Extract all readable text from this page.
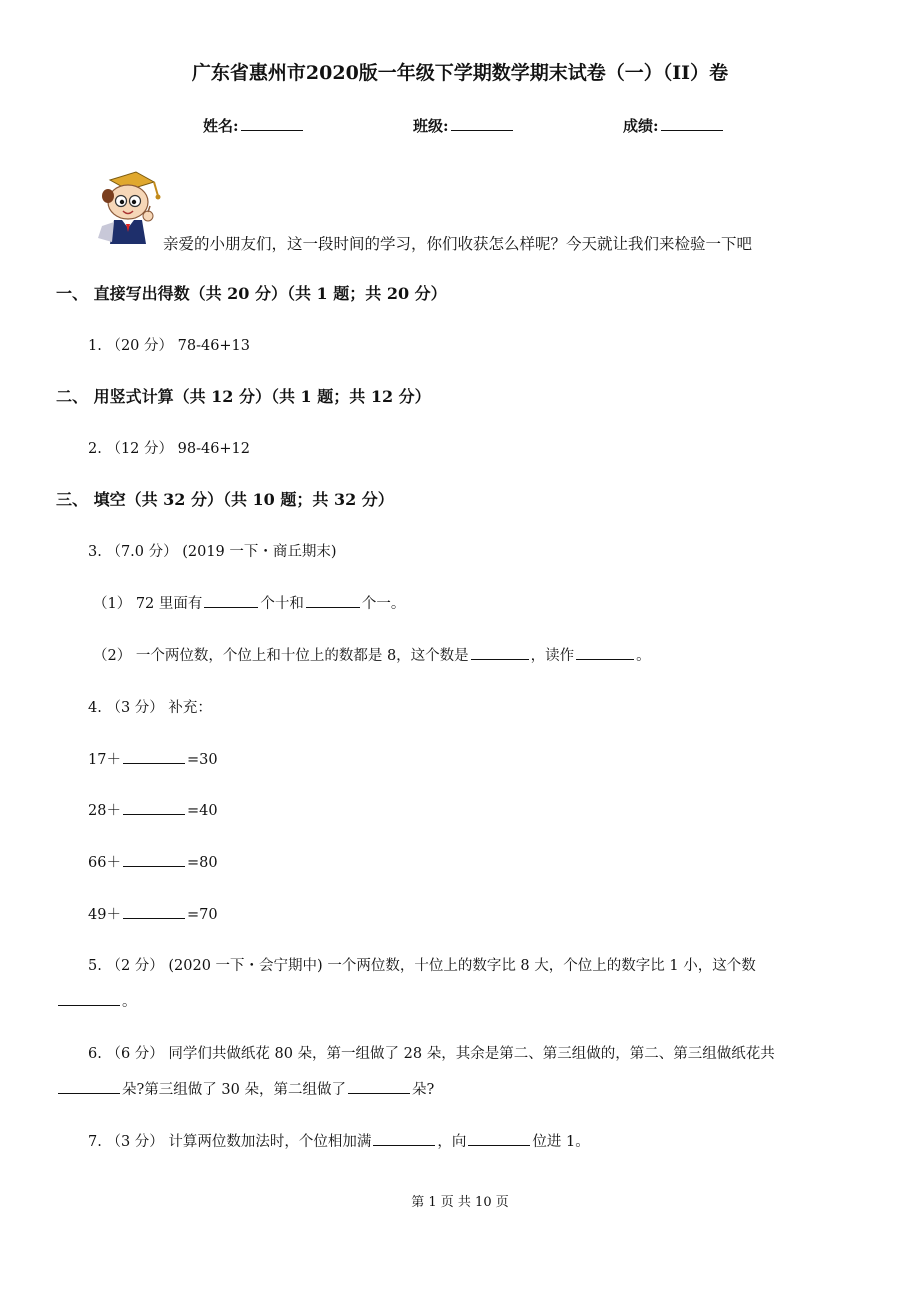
广东省惠州市2020版一年级下学期数学期末试卷（一）（II）卷
姓名:	班级:	成绩:
亲爱的小朋友们，这一段时间的学习，你们收获怎么样呢？今天就让我们来检验一下吧
一、 直接写出得数（共 20 分）（共 1 题；共 20 分）
1. （20 分） 78-46+13
二、 用竖式计算（共 12 分）（共 1 题；共 12 分）
2. （12 分） 98-46+12
三、 填空（共 32 分）（共 10 题；共 32 分）
3. （7.0 分） (2019 一下・商丘期末)
（1） 72 里面有	个十和	个一。
（2） 一个两位数，个位上和十位上的数都是 8，这个数是	，读作	。
4. （3 分） 补充：
17＋	=30
28＋	=40
66＋	=80
49＋	=70
5. （2 分） (2020 一下・会宁期中) 一个两位数，十位上的数字比 8 大，个位上的数字比 1 小，这个数
。
6. （6 分） 同学们共做纸花 80 朵，第一组做了 28 朵，其余是第二、第三组做的，第二、第三组做纸花共
朵?第三组做了 30 朵，第二组做了	朵?
7. （3 分） 计算两位数加法时，个位相加满	，向	位进 1。
第 1 页 共 10 页
